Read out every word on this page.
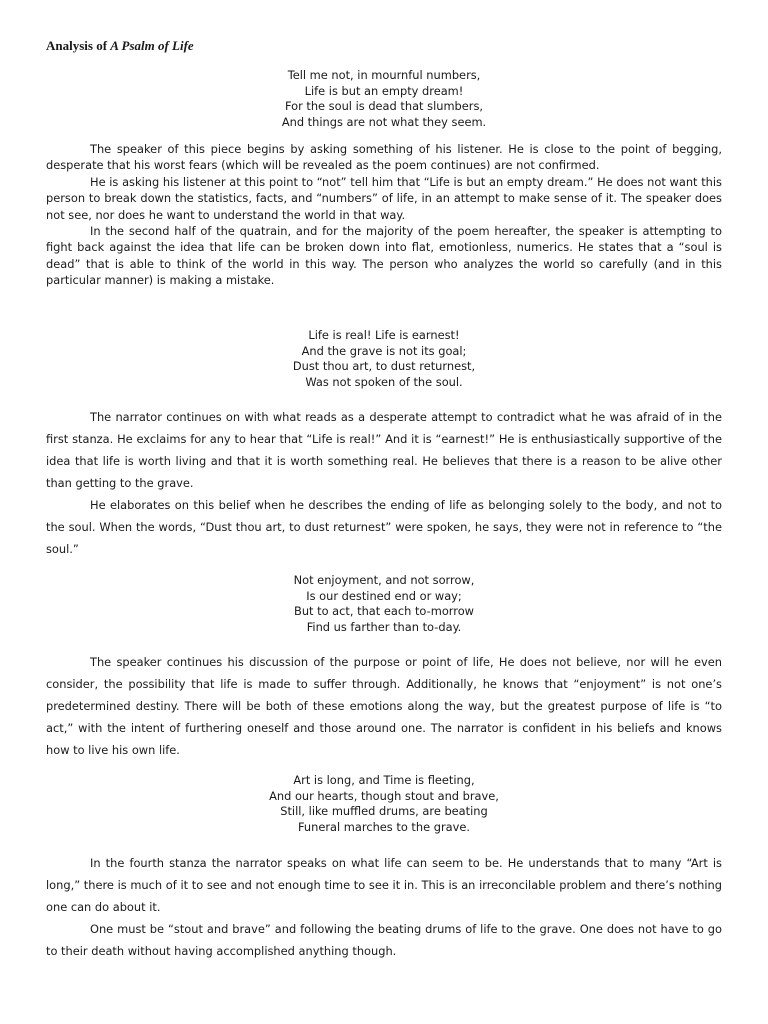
Analysis of A Psalm of Life
Tell me not, in mournful numbers,
Life is but an empty dream!
For the soul is dead that slumbers,
And things are not what they seem.

The speaker of this piece begins by asking something of his listener. He is close to the point of begging, desperate that his worst fears (which will be revealed as the poem continues) are not confirmed.

He is asking his listener at this point to “not” tell him that “Life is but an empty dream.” He does not want this person to break down the statistics, facts, and “numbers” of life, in an attempt to make sense of it. The speaker does not see, nor does he want to understand the world in that way.

In the second half of the quatrain, and for the majority of the poem hereafter, the speaker is attempting to fight back against the idea that life can be broken down into flat, emotionless, numerics. He states that a “soul is dead” that is able to think of the world in this way. The person who analyzes the world so carefully (and in this particular manner) is making a mistake.

Life is real! Life is earnest!
And the grave is not its goal;
Dust thou art, to dust returnest,
Was not spoken of the soul.

The narrator continues on with what reads as a desperate attempt to contradict what he was afraid of in the first stanza. He exclaims for any to hear that “Life is real!” And it is “earnest!” He is enthusiastically supportive of the idea that life is worth living and that it is worth something real. He believes that there is a reason to be alive other than getting to the grave.

He elaborates on this belief when he describes the ending of life as belonging solely to the body, and not to the soul. When the words, “Dust thou art, to dust returnest” were spoken, he says, they were not in reference to “the soul.”

Not enjoyment, and not sorrow,
Is our destined end or way;
But to act, that each to-morrow
Find us farther than to-day.

The speaker continues his discussion of the purpose or point of life, He does not believe, nor will he even consider, the possibility that life is made to suffer through. Additionally, he knows that “enjoyment” is not one’s predetermined destiny. There will be both of these emotions along the way, but the greatest purpose of life is “to act,” with the intent of furthering oneself and those around one. The narrator is confident in his beliefs and knows how to live his own life.

Art is long, and Time is fleeting,
And our hearts, though stout and brave,
Still, like muffled drums, are beating
Funeral marches to the grave.

In the fourth stanza the narrator speaks on what life can seem to be. He understands that to many “Art is long,” there is much of it to see and not enough time to see it in. This is an irreconcilable problem and there’s nothing one can do about it.

One must be “stout and brave” and following the beating drums of life to the grave. One does not have to go to their death without having accomplished anything though.
